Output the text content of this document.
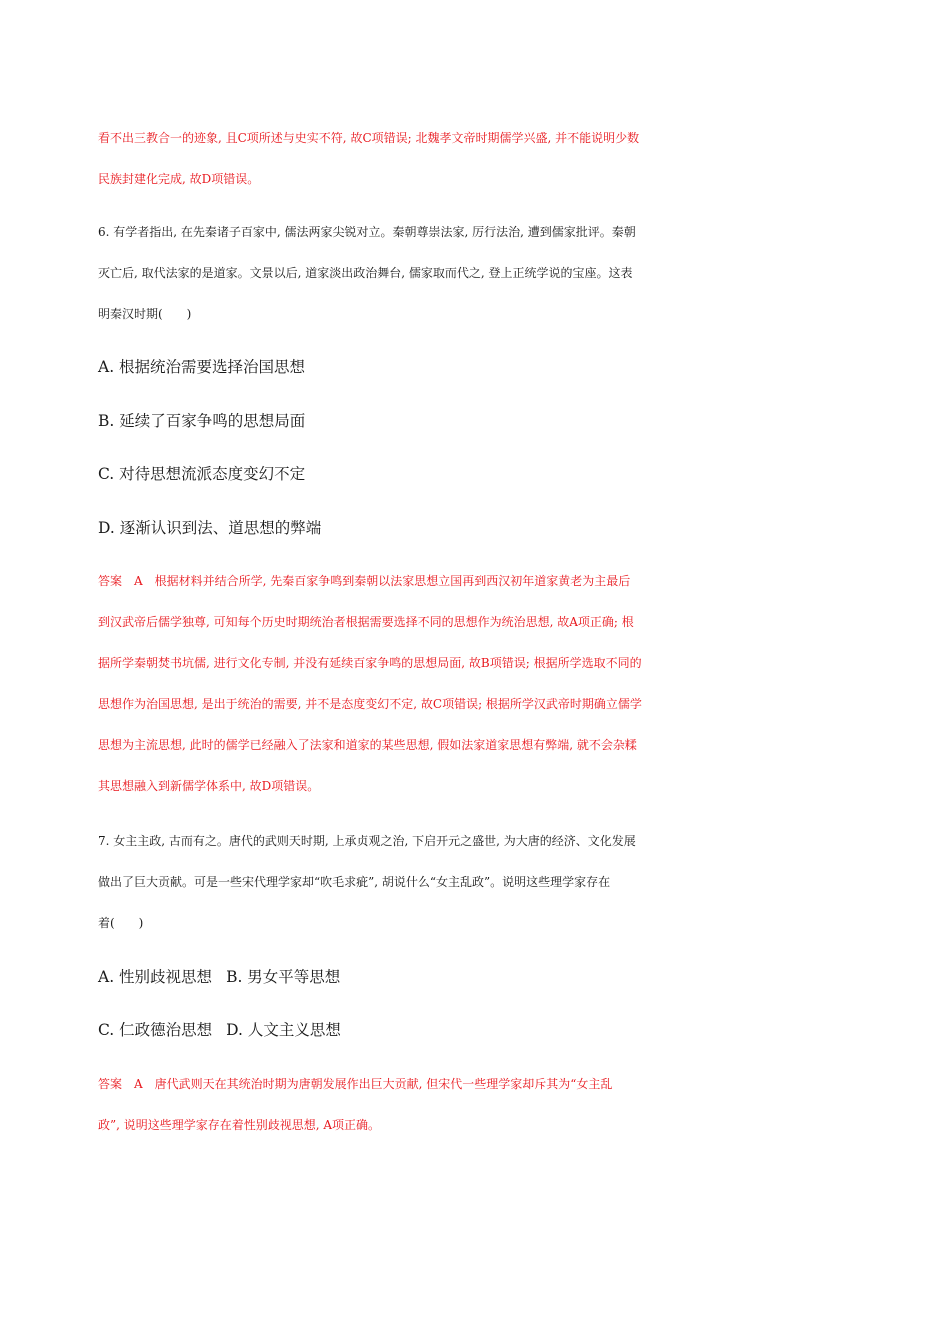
看不出三教合一的迹象, 且C项所述与史实不符, 故C项错误; 北魏孝文帝时期儒学兴盛, 并不能说明少数
民族封建化完成, 故D项错误。
6. 有学者指出, 在先秦诸子百家中, 儒法两家尖锐对立。秦朝尊崇法家, 厉行法治, 遭到儒家批评。秦朝
灭亡后, 取代法家的是道家。文景以后, 道家淡出政治舞台, 儒家取而代之, 登上正统学说的宝座。这表
明秦汉时期(　　)
A. 根据统治需要选择治国思想
B. 延续了百家争鸣的思想局面
C. 对待思想流派态度变幻不定
D. 逐渐认识到法、道思想的弊端
答案　A　根据材料并结合所学, 先秦百家争鸣到秦朝以法家思想立国再到西汉初年道家黄老为主最后
到汉武帝后儒学独尊, 可知每个历史时期统治者根据需要选择不同的思想作为统治思想, 故A项正确; 根
据所学秦朝焚书坑儒, 进行文化专制, 并没有延续百家争鸣的思想局面, 故B项错误; 根据所学选取不同的
思想作为治国思想, 是出于统治的需要, 并不是态度变幻不定, 故C项错误; 根据所学汉武帝时期确立儒学
思想为主流思想, 此时的儒学已经融入了法家和道家的某些思想, 假如法家道家思想有弊端, 就不会杂糅
其思想融入到新儒学体系中, 故D项错误。
7. 女主主政, 古而有之。唐代的武则天时期, 上承贞观之治, 下启开元之盛世, 为大唐的经济、文化发展
做出了巨大贡献。可是一些宋代理学家却“吹毛求疵”, 胡说什么“女主乱政”。说明这些理学家存在
着(　　)
A. 性别歧视思想 B. 男女平等思想
C. 仁政德治思想 D. 人文主义思想
答案　A　唐代武则天在其统治时期为唐朝发展作出巨大贡献, 但宋代一些理学家却斥其为“女主乱
政”, 说明这些理学家存在着性别歧视思想, A项正确。
